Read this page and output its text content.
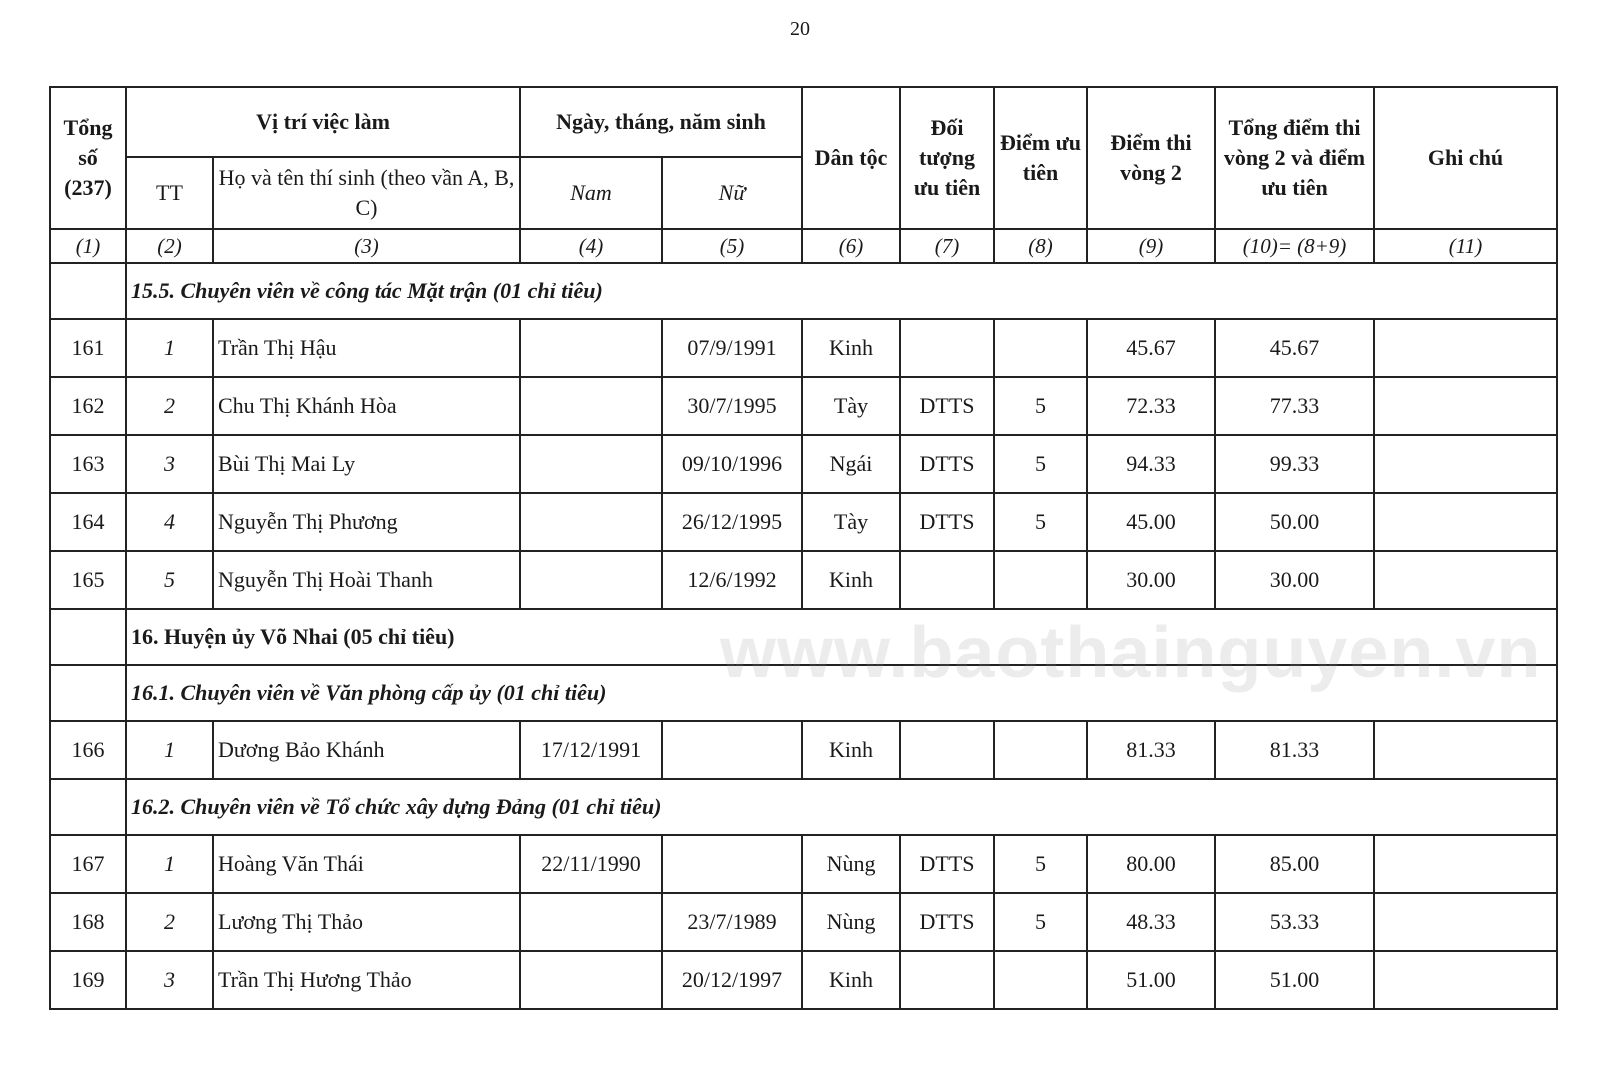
20
Tổng số (237)	Vị trí việc làm		Ngày, tháng, năm sinh		Dân tộc	Đối tượng ưu tiên	Điểm ưu tiên	Điểm thi vòng 2	Tổng điểm thi vòng 2 và điểm ưu tiên	Ghi chú
	TT	Họ và tên thí sinh (theo vần A, B, C)	Nam	Nữ						
(1)	(2)	(3)	(4)	(5)	(6)	(7)	(8)	(9)	(10)= (8+9)	(11)
	15.5. Chuyên viên về công tác Mặt trận (01 chỉ tiêu)									
161	1	Trần Thị Hậu		07/9/1991	Kinh			45.67	45.67	
162	2	Chu Thị Khánh Hòa		30/7/1995	Tày	DTTS	5	72.33	77.33	
163	3	Bùi Thị Mai Ly		09/10/1996	Ngái	DTTS	5	94.33	99.33	
164	4	Nguyễn Thị Phương		26/12/1995	Tày	DTTS	5	45.00	50.00	
165	5	Nguyễn Thị Hoài Thanh		12/6/1992	Kinh			30.00	30.00	
	16. Huyện ủy Võ Nhai (05 chỉ tiêu)									
	16.1. Chuyên viên về Văn phòng cấp ủy (01 chỉ tiêu)									
166	1	Dương Bảo Khánh	17/12/1991		Kinh			81.33	81.33	
	16.2. Chuyên viên về Tổ chức xây dựng Đảng (01 chỉ tiêu)									
167	1	Hoàng Văn Thái	22/11/1990		Nùng	DTTS	5	80.00	85.00	
168	2	Lương Thị Thảo		23/7/1989	Nùng	DTTS	5	48.33	53.33	
169	3	Trần Thị Hương Thảo		20/12/1997	Kinh			51.00	51.00	
www.baothainguyen.vn
